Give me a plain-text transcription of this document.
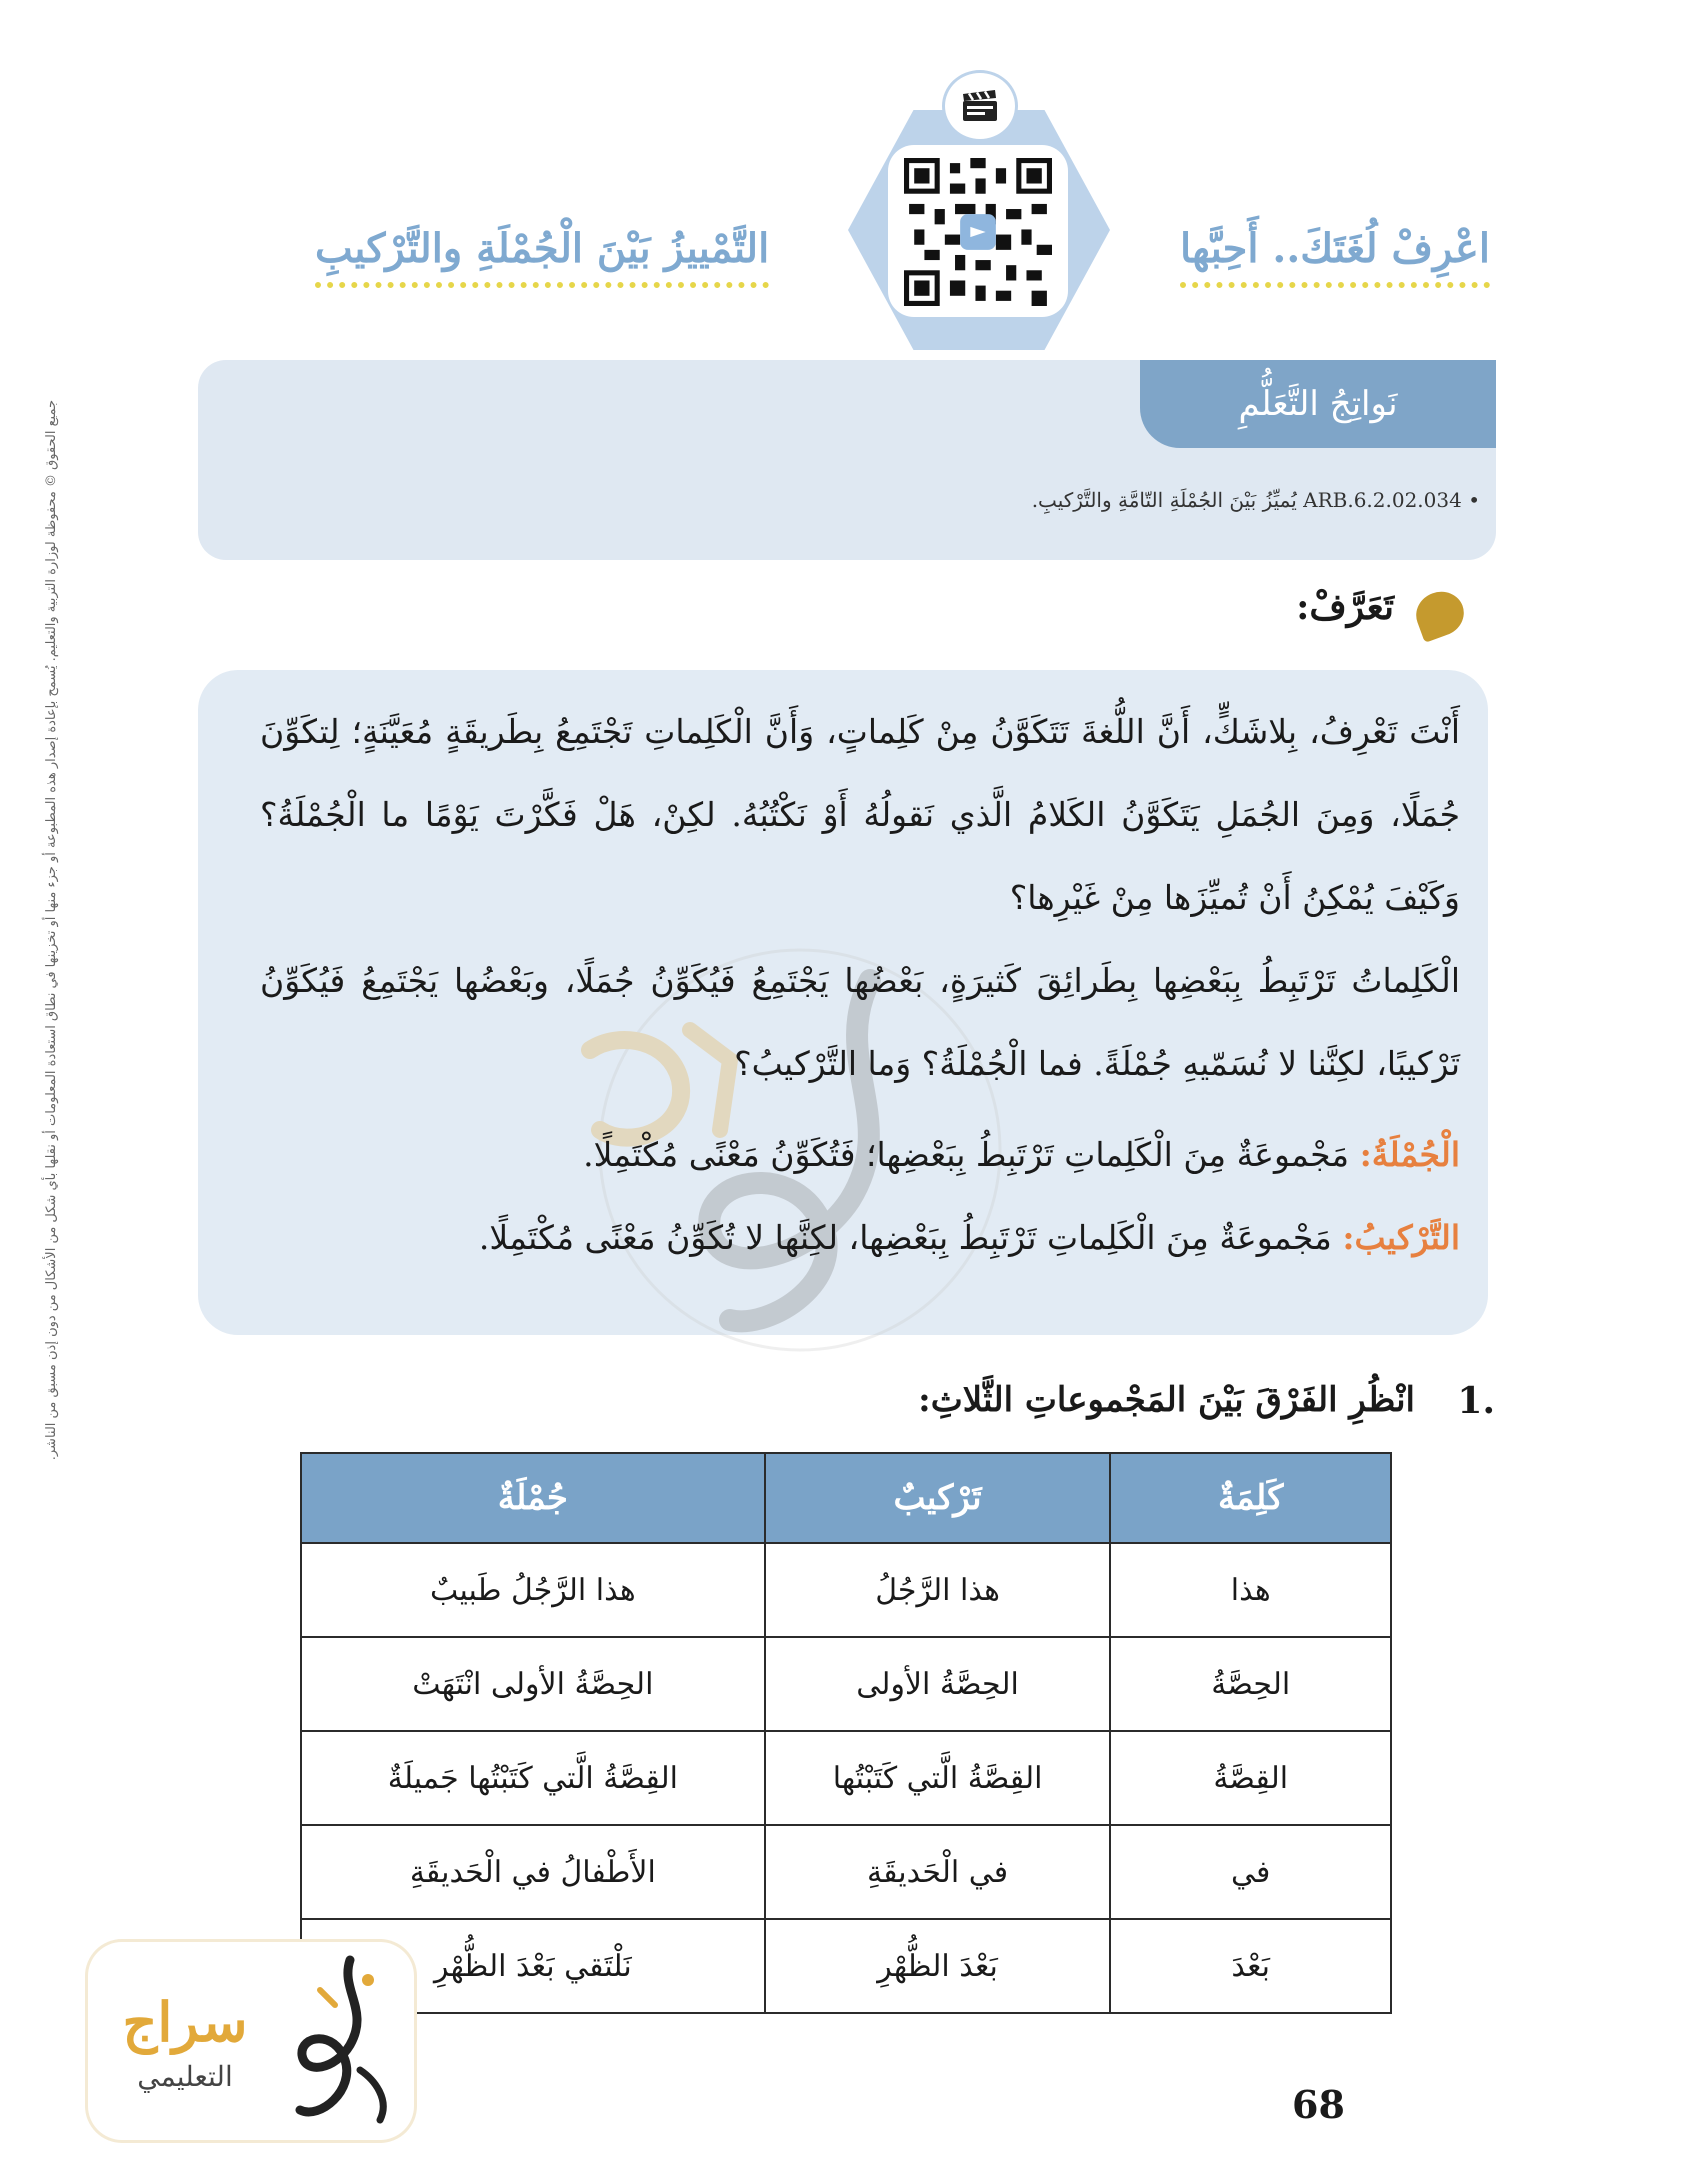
اعْرِفْ لُغَتَكَ.. أَحِبَّها
التَّمْييزُ بَيْنَ الْجُمْلَةِ والتَّرْكيبِ
نَواتِجُ التَّعَلُّمِ
• ARB.6.2.02.034 يُميِّزُ بَيْنَ الجُمْلَةِ التّامَّةِ والتَّرْكيبِ.
تَعَرَّفْ:
أَنْتَ تَعْرِفُ، بِلاشَكٍّ، أَنَّ اللُّغةَ تَتَكَوَّنُ مِنْ كَلِماتٍ، وَأَنَّ الْكَلِماتِ تَجْتَمِعُ بِطَريقَةٍ مُعَيَّنَةٍ؛ لِتكَوِّنَ جُمَلًا، وَمِنَ الجُمَلِ يَتَكَوَّنُ الكَلامُ الَّذي نَقولُهُ أَوْ نَكْتُبُهُ. لكِنْ، هَلْ فَكَّرْتَ يَوْمًا ما الْجُمْلَةُ؟ وَكَيْفَ يُمْكِنُ أَنْ تُميِّزَها مِنْ غَيْرِها؟
الْكَلِماتُ تَرْتَبِطُ بِبَعْضِها بِطَرائِقَ كَثيرَةٍ، بَعْضُها يَجْتَمِعُ فَيُكَوِّنُ جُمَلًا، وبَعْضُها يَجْتَمِعُ فَيُكَوِّنُ تَرْكيبًا، لكِنَّنا لا نُسَمّيهِ جُمْلَةً. فما الْجُمْلَةُ؟ وَما التَّرْكيبُ؟
الْجُمْلَةُ: مَجْموعَةٌ مِنَ الْكَلِماتِ تَرْتَبِطُ بِبَعْضِها؛ فَتُكَوِّنُ مَعْنًى مُكْتَمِلًا.
التَّرْكيبُ: مَجْموعَةٌ مِنَ الْكَلِماتِ تَرْتَبِطُ بِبَعْضِها، لكِنَّها لا تُكَوِّنُ مَعْنًى مُكْتَمِلًا.
1.
انْظُرِ الفَرْقَ بَيْنَ المَجْموعاتِ الثَّلاثِ:
كَلِمَةٌ	تَرْكيبٌ	جُمْلَةٌ
هذا	هذا الرَّجُلُ	هذا الرَّجُلُ طَبيبٌ
الحِصَّةُ	الحِصَّةُ الأولى	الحِصَّةُ الأولى انْتَهَتْ
القِصَّةُ	القِصَّةُ الَّتي كَتَبْتُها	القِصَّةُ الَّتي كَتَبْتُها جَميلَةٌ
في	في الْحَديقَةِ	الأَطْفالُ في الْحَديقَةِ
بَعْدَ	بَعْدَ الظُّهْرِ	نَلْتَقي بَعْدَ الظُّهْرِ
جميع الحقوق © محفوظة لوزارة التربية والتعليم. يُسمح بإعادة إصدار هذه المطبوعة أو جزء منها أو تخزينها في نطاق استعادة المعلومات أو نقلها بأي شكل من الأشكال من دون إذن مسبق من الناشر.
سراج
التعليمي
68
